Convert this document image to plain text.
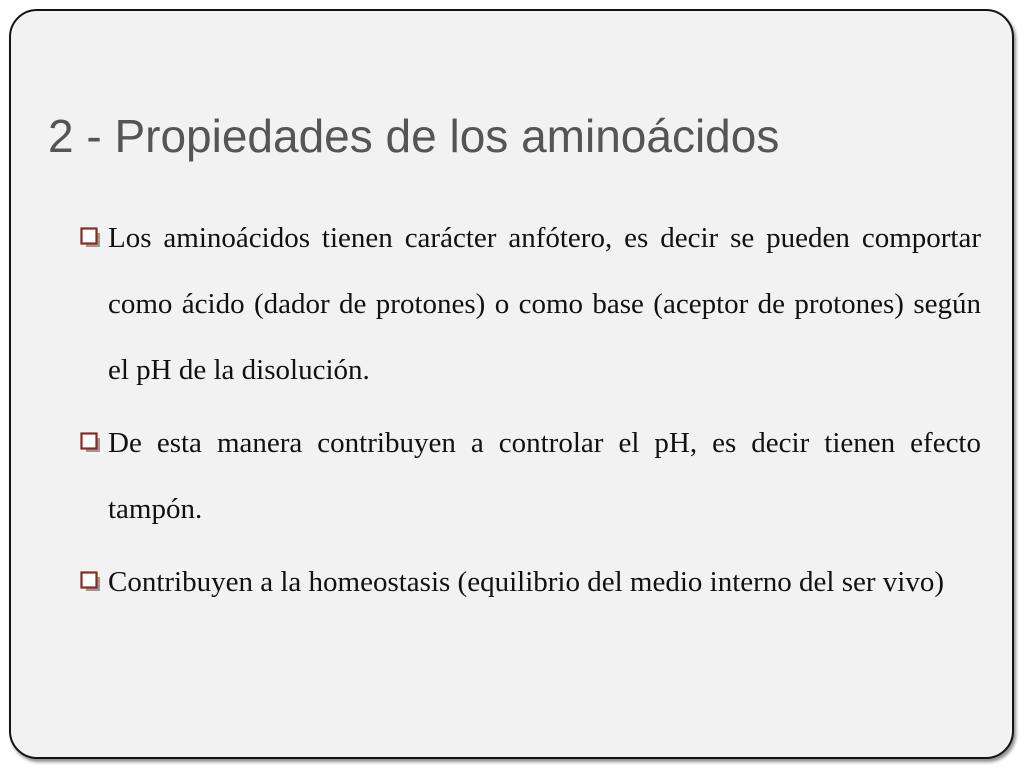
2 - Propiedades de los aminoácidos
Los aminoácidos tienen carácter anfótero, es decir se pueden comportar como ácido (dador de protones) o como base (aceptor de protones) según el pH de la disolución.
De esta manera contribuyen a controlar el pH, es decir tienen efecto tampón.
Contribuyen a la homeostasis (equilibrio del medio interno del ser vivo)
